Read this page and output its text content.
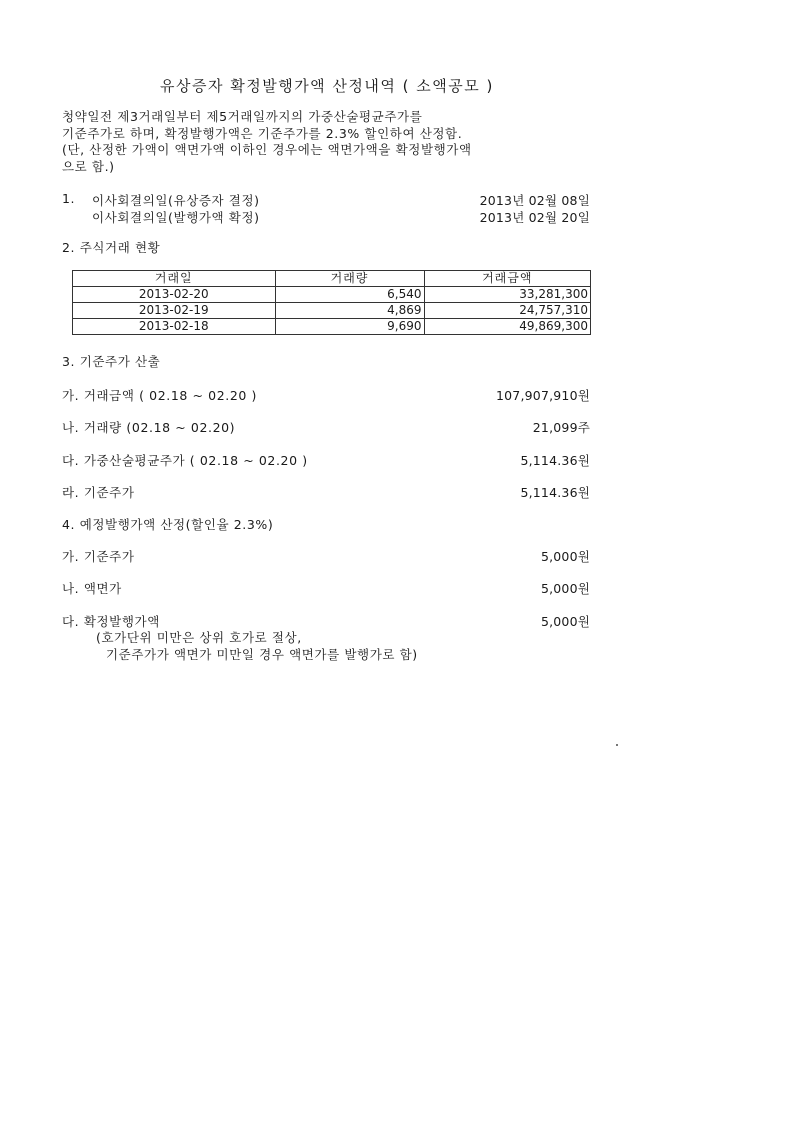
유상증자 확정발행가액 산정내역 ( 소액공모 )
청약일전 제3거래일부터 제5거래일까지의 가중산술평균주가를
기준주가로 하며, 확정발행가액은 기준주가를 2.3% 할인하여 산정함.
(단, 산정한 가액이 액면가액 이하인 경우에는 액면가액을 확정발행가액
으로 함.)
1. 이사회결의일(유상증자 결정)	2013년 02월 08일
이사회결의일(발행가액 확정)	2013년 02월 20일
2. 주식거래 현황
거래일	거래량	거래금액
2013-02-20	6,540	33,281,300
2013-02-19	4,869	24,757,310
2013-02-18	9,690	49,869,300
3. 기준주가 산출
가. 거래금액 ( 02.18 ~ 02.20 )	107,907,910원
나. 거래량 (02.18 ~ 02.20)	21,099주
다. 가중산술평균주가 ( 02.18 ~ 02.20 )	5,114.36원
라. 기준주가	5,114.36원
4. 예정발행가액 산정(할인율 2.3%)
가. 기준주가	5,000원
나. 액면가	5,000원
다. 확정발행가액	5,000원
(호가단위 미만은 상위 호가로 절상,
기준주가가 액면가 미만일 경우 액면가를 발행가로 함)
